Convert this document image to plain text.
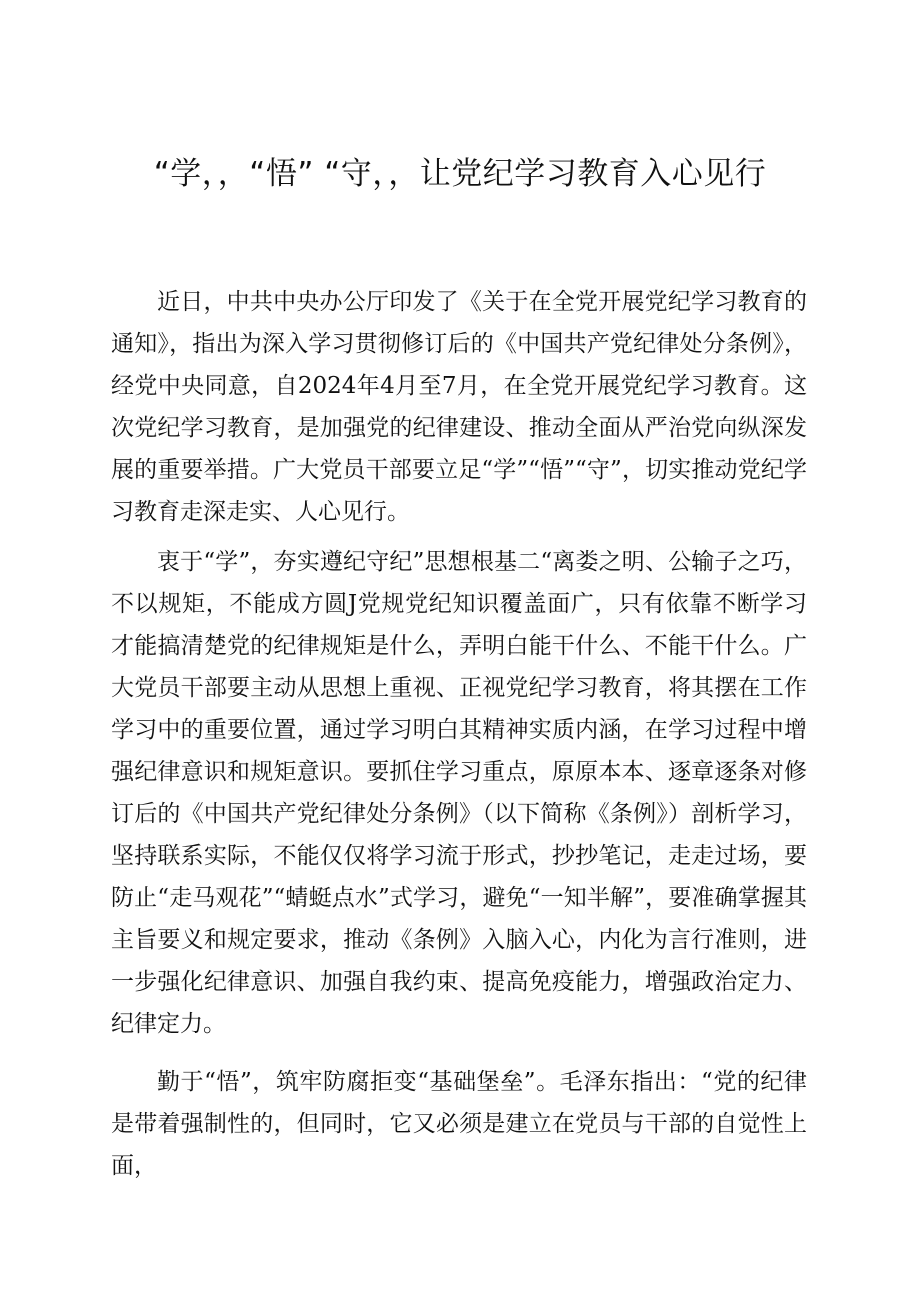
“学，，“悟” “守，，让党纪学习教育入心见行

近日，中共中央办公厅印发了《关于在全党开展党纪学习教育的通知》，指出为深入学习贯彻修订后的《中国共产党纪律处分条例》，经党中央同意，自2024年4月至7月，在全党开展党纪学习教育。这次党纪学习教育，是加强党的纪律建设、推动全面从严治党向纵深发展的重要举措。广大党员干部要立足“学”“悟”“守”，切实推动党纪学习教育走深走实、人心见行。

衷于“学”，夯实遵纪守纪”思想根基二“离娄之明、公输子之巧，不以规矩，不能成方圆J党规党纪知识覆盖面广，只有依靠不断学习才能搞清楚党的纪律规矩是什么，弄明白能干什么、不能干什么。广大党员干部要主动从思想上重视、正视党纪学习教育，将其摆在工作学习中的重要位置，通过学习明白其精神实质内涵，在学习过程中增强纪律意识和规矩意识。要抓住学习重点，原原本本、逐章逐条对修订后的《中国共产党纪律处分条例》（以下简称《条例》）剖析学习，坚持联系实际，不能仅仅将学习流于形式，抄抄笔记，走走过场，要防止“走马观花”“蜻蜓点水”式学习，避免“一知半解”，要准确掌握其主旨要义和规定要求，推动《条例》入脑入心，内化为言行准则，进一步强化纪律意识、加强自我约束、提高免疫能力，增强政治定力、纪律定力。

勤于“悟”，筑牢防腐拒变“基础堡垒”。毛泽东指出：“党的纪律是带着强制性的，但同时，它又必须是建立在党员与干部的自觉性上面，
